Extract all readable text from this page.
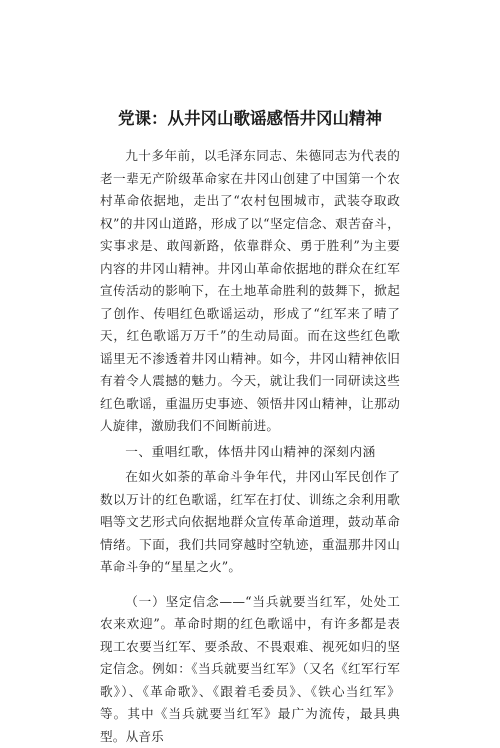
党课：从井冈山歌谣感悟井冈山精神

九十多年前，以毛泽东同志、朱德同志为代表的老一辈无产阶级革命家在井冈山创建了中国第一个农村革命依据地，走出了“农村包围城市，武装夺取政权”的井冈山道路，形成了以“坚定信念、艰苦奋斗，实事求是、敢闯新路，依靠群众、勇于胜利”为主要内容的井冈山精神。井冈山革命依据地的群众在红军宣传活动的影响下，在土地革命胜利的鼓舞下，掀起了创作、传唱红色歌谣运动，形成了“红军来了晴了天，红色歌谣万万千”的生动局面。而在这些红色歌谣里无不渗透着井冈山精神。如今，井冈山精神依旧有着令人震撼的魅力。今天，就让我们一同研读这些红色歌谣，重温历史事迹、领悟井冈山精神，让那动人旋律，激励我们不间断前进。

一、重唱红歌，体悟井冈山精神的深刻内涵

在如火如荼的革命斗争年代，井冈山军民创作了数以万计的红色歌谣，红军在打仗、训练之余利用歌唱等文艺形式向依据地群众宣传革命道理，鼓动革命情绪。下面，我们共同穿越时空轨迹，重温那井冈山革命斗争的“星星之火”。

（一）坚定信念——“当兵就要当红军，处处工农来欢迎”。革命时期的红色歌谣中，有许多都是表现工农要当红军、要杀敌、不畏艰难、视死如归的坚定信念。例如：《当兵就要当红军》（又名《红军行军歌》）、《革命歌》、《跟着毛委员》、《铁心当红军》等。其中《当兵就要当红军》最广为流传，最具典型。从音乐
